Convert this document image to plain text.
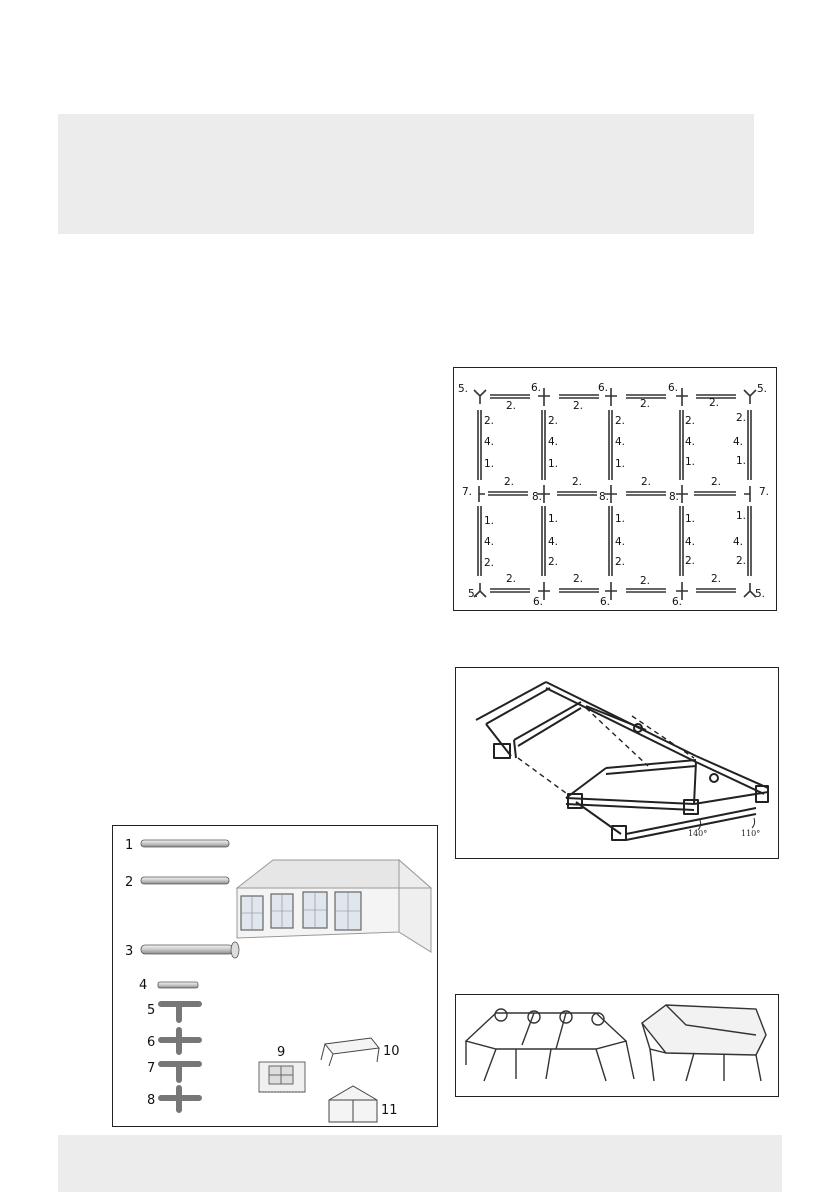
5.	6.	6.	6.	5.
7.	8.	8.	8.	7.
5.
6.	6.	6.
5.
2.	2.	2.	2.
2.	2.	2.	2.
2.	2.	2.	2.
2.
4.
1.
2.
4.
1.
2.
4.
1.
2.
4.
1.
2.
4.
1.
1.
4.
2.
1.
4.
2.
1.
4.
2.
1.
4.
2.
1.
4.
2.
140°	110°
1
2
3
4
5
6
7
8
9	10
11
